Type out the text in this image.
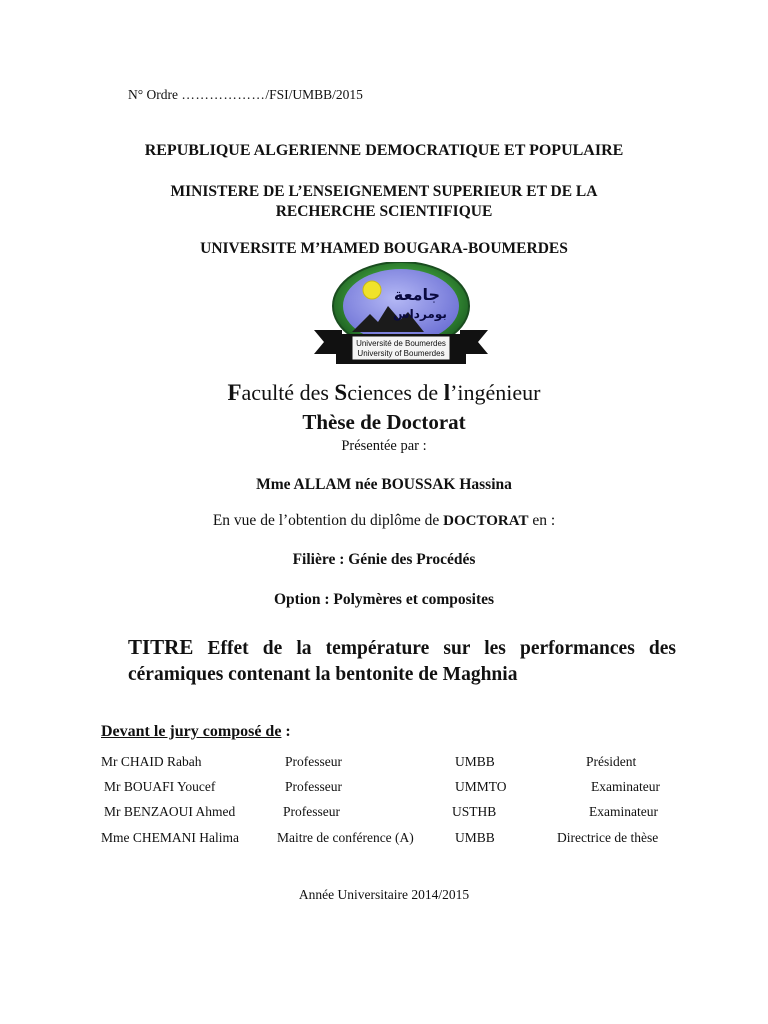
N° Ordre ………………/FSI/UMBB/2015
REPUBLIQUE ALGERIENNE DEMOCRATIQUE ET POPULAIRE
MINISTERE DE L’ENSEIGNEMENT SUPERIEUR ET DE LA
RECHERCHE SCIENTIFIQUE
UNIVERSITE M’HAMED BOUGARA-BOUMERDES
جامعة
بومرداس
Université de Boumerdes
University of Boumerdes
Faculté des Sciences de l’ingénieur
Thèse de Doctorat
Présentée par :
Mme ALLAM née BOUSSAK Hassina
En vue de l’obtention du diplôme de DOCTORAT en :
Filière : Génie des Procédés
Option : Polymères et composites
TITRE Effet de la température sur les performances des céramiques contenant la bentonite de Maghnia
Devant le jury composé de :
Mr CHAID Rabah	Professeur	UMBB	Président
Mr BOUAFI Youcef	Professeur	UMMTO	Examinateur
Mr BENZAOUI Ahmed	Professeur	USTHB	Examinateur
Mme CHEMANI Halima	Maitre de conférence (A)	UMBB	Directrice de thèse
Année Universitaire 2014/2015
